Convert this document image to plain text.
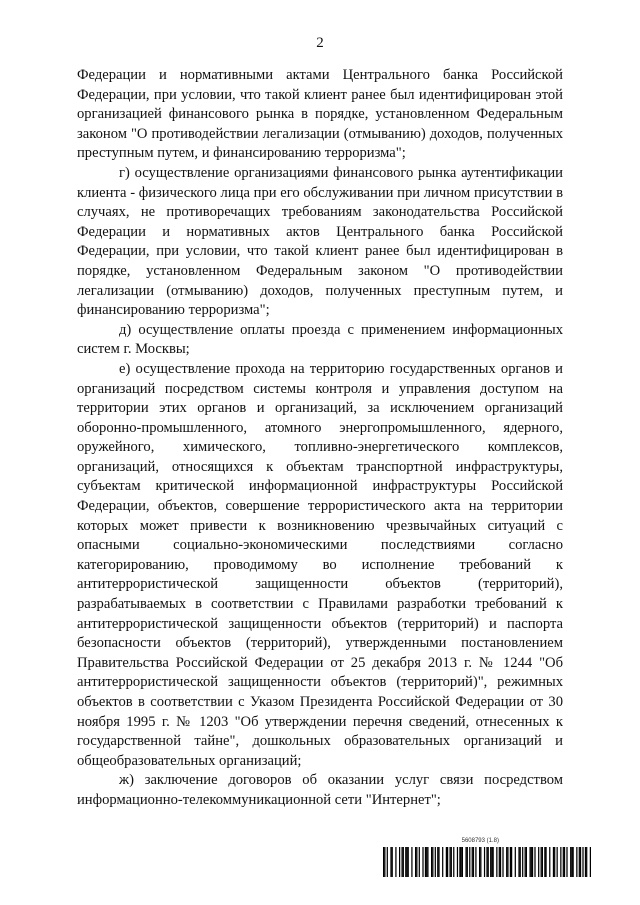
2

Федерации и нормативными актами Центрального банка Российской Федерации, при условии, что такой клиент ранее был идентифицирован этой организацией финансового рынка в порядке, установленном Федеральным законом "О противодействии легализации (отмыванию) доходов, полученных преступным путем, и финансированию терроризма";

г) осуществление организациями финансового рынка аутентификации клиента - физического лица при его обслуживании при личном присутствии в случаях, не противоречащих требованиям законодательства Российской Федерации и нормативных актов Центрального банка Российской Федерации, при условии, что такой клиент ранее был идентифицирован в порядке, установленном Федеральным законом "О противодействии легализации (отмыванию) доходов, полученных преступным путем, и финансированию терроризма";

д) осуществление оплаты проезда с применением информационных систем г. Москвы;

е) осуществление прохода на территорию государственных органов и организаций посредством системы контроля и управления доступом на территории этих органов и организаций, за исключением организаций оборонно-промышленного, атомного энергопромышленного, ядерного, оружейного, химического, топливно-энергетического комплексов, организаций, относящихся к объектам транспортной инфраструктуры, субъектам критической информационной инфраструктуры Российской Федерации, объектов, совершение террористического акта на территории которых может привести к возникновению чрезвычайных ситуаций с опасными социально-экономическими последствиями согласно категорированию, проводимому во исполнение требований к антитеррористической защищенности объектов (территорий), разрабатываемых в соответствии с Правилами разработки требований к антитеррористической защищенности объектов (территорий) и паспорта безопасности объектов (территорий), утвержденными постановлением Правительства Российской Федерации от 25 декабря 2013 г. № 1244 "Об антитеррористической защищенности объектов (территорий)", режимных объектов в соответствии с Указом Президента Российской Федерации от 30 ноября 1995 г. № 1203 "Об утверждении перечня сведений, отнесенных к государственной тайне", дошкольных образовательных организаций и общеобразовательных организаций;

ж) заключение договоров об оказании услуг связи посредством информационно-телекоммуникационной сети "Интернет";

5608793 (1.8)
